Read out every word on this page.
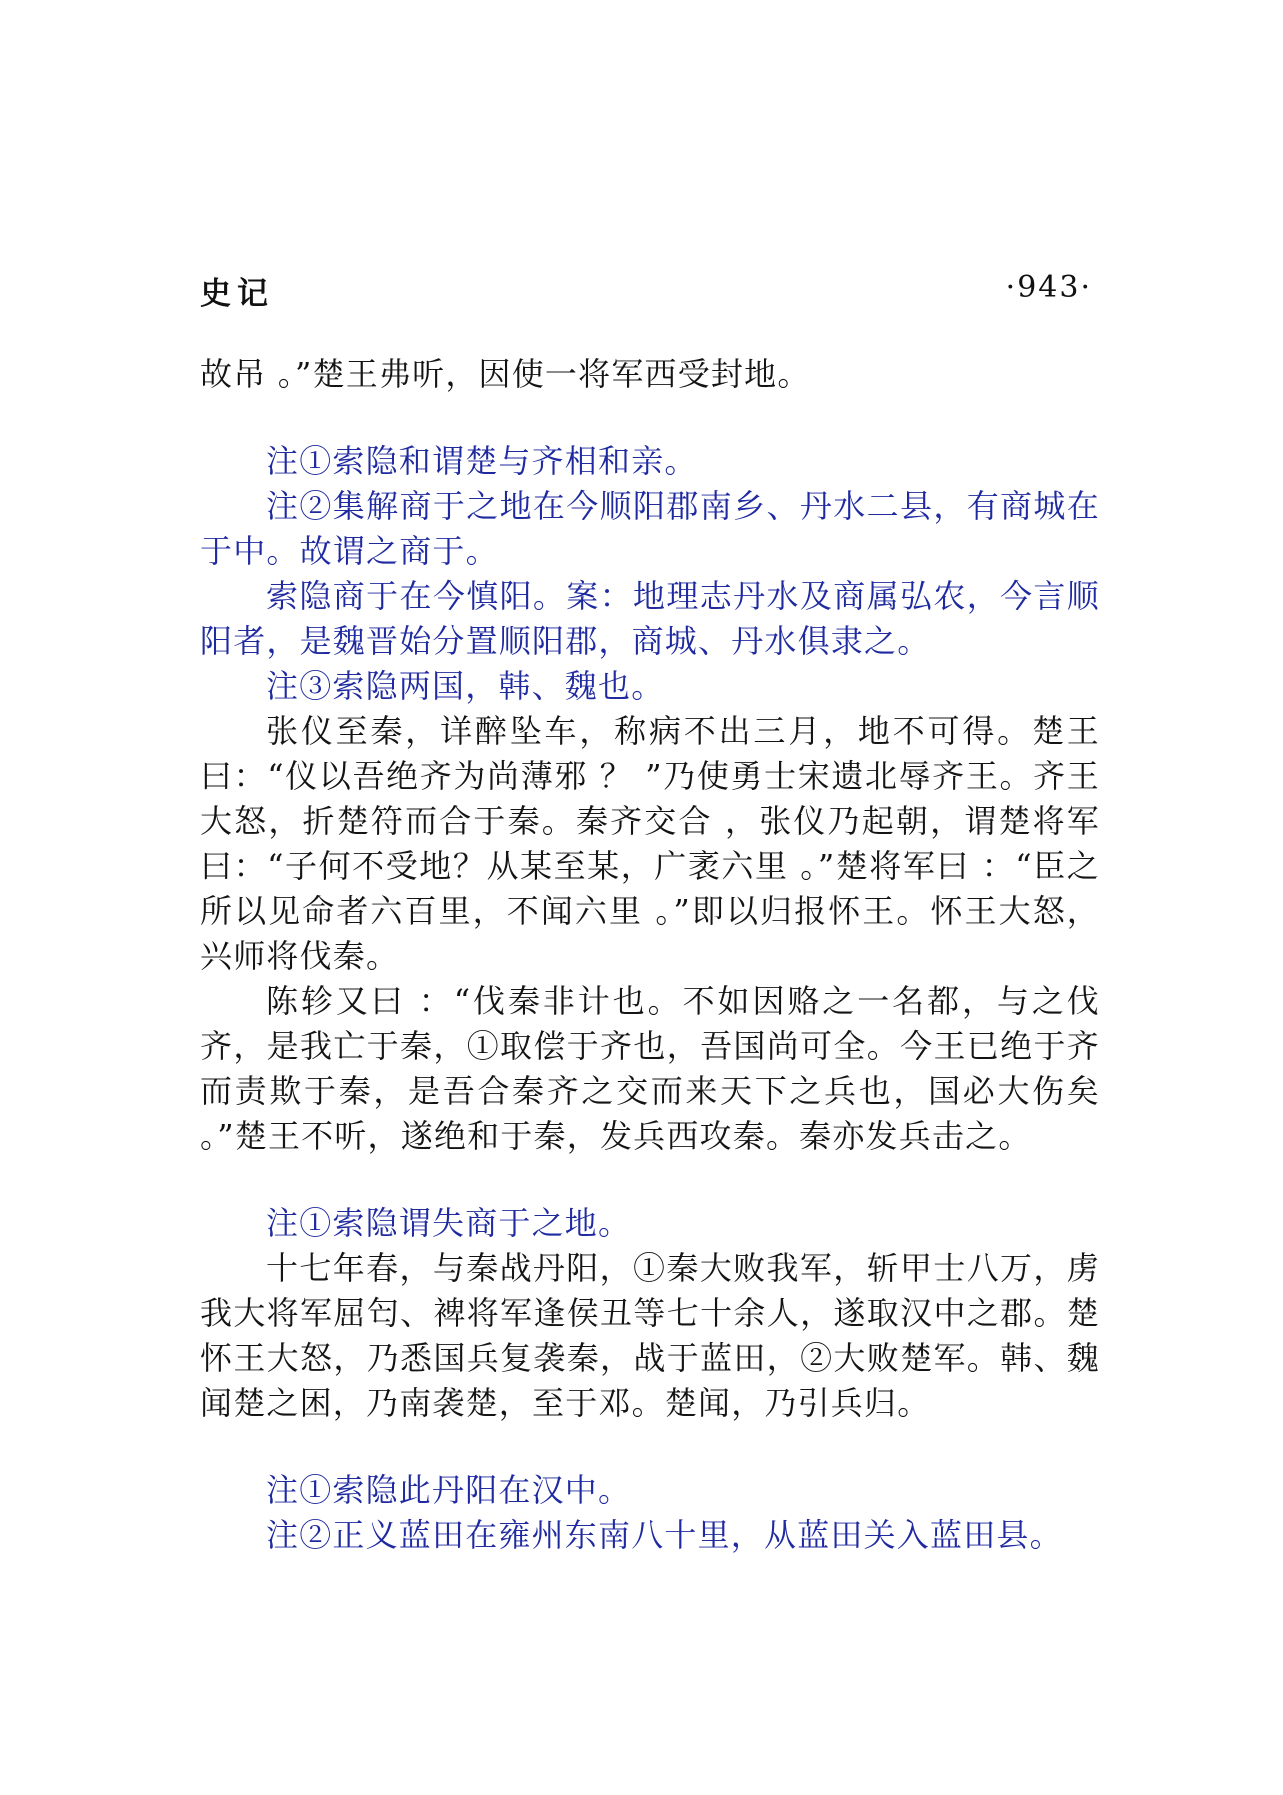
史记	·943·

故吊 。”楚王弗听，因使一将军西受封地。

注①索隐和谓楚与齐相和亲。

注②集解商于之地在今顺阳郡南乡、丹水二县，有商城在于中。故谓之商于。

索隐商于在今慎阳。案：地理志丹水及商属弘农，今言顺阳者，是魏晋始分置顺阳郡，商城、丹水俱隶之。

注③索隐两国，韩、魏也。

张仪至秦，详醉坠车，称病不出三月，地不可得。楚王曰：“仪以吾绝齐为尚薄邪 ？ ”乃使勇士宋遗北辱齐王。齐王大怒，折楚符而合于秦。秦齐交合 ，张仪乃起朝，谓楚将军曰：“子何不受地？从某至某，广袤六里 。”楚将军曰 ：“臣之所以见命者六百里，不闻六里 。”即以归报怀王。怀王大怒，兴师将伐秦。

陈轸又曰 ：“伐秦非计也。不如因赂之一名都，与之伐齐，是我亡于秦，①取偿于齐也，吾国尚可全。今王已绝于齐而责欺于秦，是吾合秦齐之交而来天下之兵也，国必大伤矣 。”楚王不听，遂绝和于秦，发兵西攻秦。秦亦发兵击之。

注①索隐谓失商于之地。

十七年春，与秦战丹阳，①秦大败我军，斩甲士八万，虏我大将军屈匄、裨将军逢侯丑等七十余人，遂取汉中之郡。楚怀王大怒，乃悉国兵复袭秦，战于蓝田，②大败楚军。韩、魏闻楚之困，乃南袭楚，至于邓。楚闻，乃引兵归。

注①索隐此丹阳在汉中。

注②正义蓝田在雍州东南八十里，从蓝田关入蓝田县。
